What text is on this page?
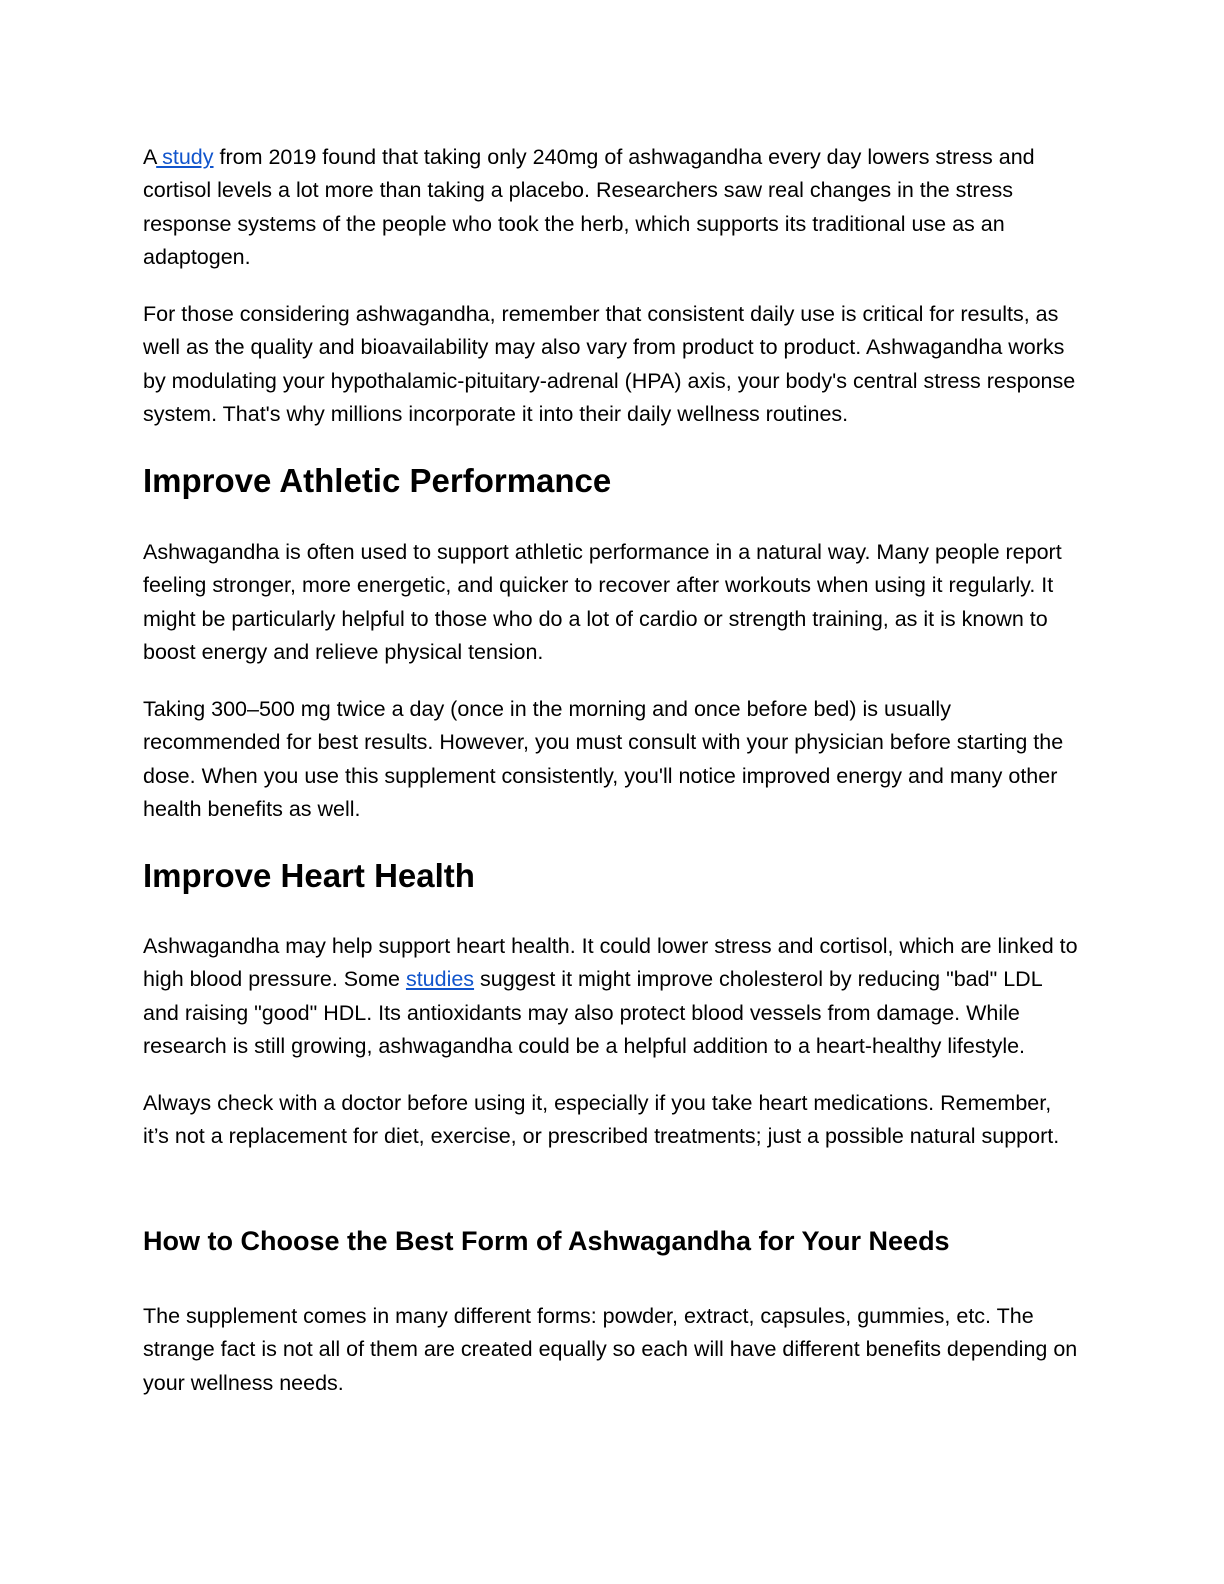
A study from 2019 found that taking only 240mg of ashwagandha every day lowers stress and cortisol levels a lot more than taking a placebo. Researchers saw real changes in the stress response systems of the people who took the herb, which supports its traditional use as an adaptogen.

For those considering ashwagandha, remember that consistent daily use is critical for results, as well as the quality and bioavailability may also vary from product to product. Ashwagandha works by modulating your hypothalamic-pituitary-adrenal (HPA) axis, your body's central stress response system. That's why millions incorporate it into their daily wellness routines.

Improve Athletic Performance

Ashwagandha is often used to support athletic performance in a natural way. Many people report feeling stronger, more energetic, and quicker to recover after workouts when using it regularly. It might be particularly helpful to those who do a lot of cardio or strength training, as it is known to boost energy and relieve physical tension.

Taking 300–500 mg twice a day (once in the morning and once before bed) is usually recommended for best results. However, you must consult with your physician before starting the dose. When you use this supplement consistently, you'll notice improved energy and many other health benefits as well.

Improve Heart Health

Ashwagandha may help support heart health. It could lower stress and cortisol, which are linked to high blood pressure. Some studies suggest it might improve cholesterol by reducing "bad" LDL and raising "good" HDL. Its antioxidants may also protect blood vessels from damage. While research is still growing, ashwagandha could be a helpful addition to a heart-healthy lifestyle.

Always check with a doctor before using it, especially if you take heart medications. Remember, it’s not a replacement for diet, exercise, or prescribed treatments; just a possible natural support.

How to Choose the Best Form of Ashwagandha for Your Needs

The supplement comes in many different forms: powder, extract, capsules, gummies, etc. The strange fact is not all of them are created equally so each will have different benefits depending on your wellness needs.
